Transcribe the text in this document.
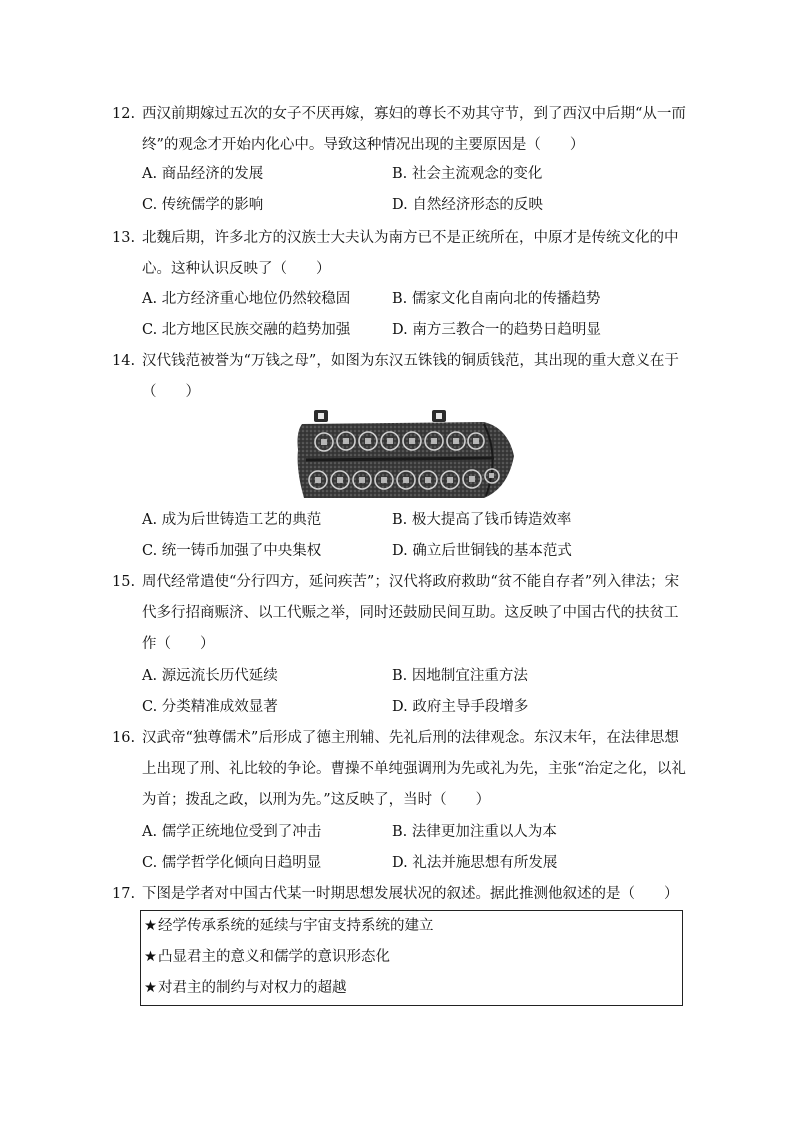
12. 西汉前期嫁过五次的女子不厌再嫁，寡妇的尊长不劝其守节，到了西汉中后期“从一而终”的观念才开始内化心中。导致这种情况出现的主要原因是（　　）
A. 商品经济的发展	B. 社会主流观念的变化
C. 传统儒学的影响	D. 自然经济形态的反映
13. 北魏后期，许多北方的汉族士大夫认为南方已不是正统所在，中原才是传统文化的中心。这种认识反映了（　　）
A. 北方经济重心地位仍然较稳固	B. 儒家文化自南向北的传播趋势
C. 北方地区民族交融的趋势加强	D. 南方三教合一的趋势日趋明显
14. 汉代钱范被誉为“万钱之母”，如图为东汉五铢钱的铜质钱范，其出现的重大意义在于（　　）
A. 成为后世铸造工艺的典范	B. 极大提高了钱币铸造效率
C. 统一铸币加强了中央集权	D. 确立后世铜钱的基本范式
15. 周代经常遣使“分行四方，延问疾苦”；汉代将政府救助“贫不能自存者”列入律法；宋代多行招商赈济、以工代赈之举，同时还鼓励民间互助。这反映了中国古代的扶贫工作（　　）
A. 源远流长历代延续	B. 因地制宜注重方法
C. 分类精准成效显著	D. 政府主导手段增多
16. 汉武帝“独尊儒术”后形成了德主刑辅、先礼后刑的法律观念。东汉末年，在法律思想上出现了刑、礼比较的争论。曹操不单纯强调刑为先或礼为先，主张“治定之化，以礼为首；拨乱之政，以刑为先。”这反映了，当时（　　）
A. 儒学正统地位受到了冲击	B. 法律更加注重以人为本
C. 儒学哲学化倾向日趋明显	D. 礼法并施思想有所发展
17. 下图是学者对中国古代某一时期思想发展状况的叙述。据此推测他叙述的是（　　）
★经学传承系统的延续与宇宙支持系统的建立
★凸显君主的意义和儒学的意识形态化
★对君主的制约与对权力的超越
